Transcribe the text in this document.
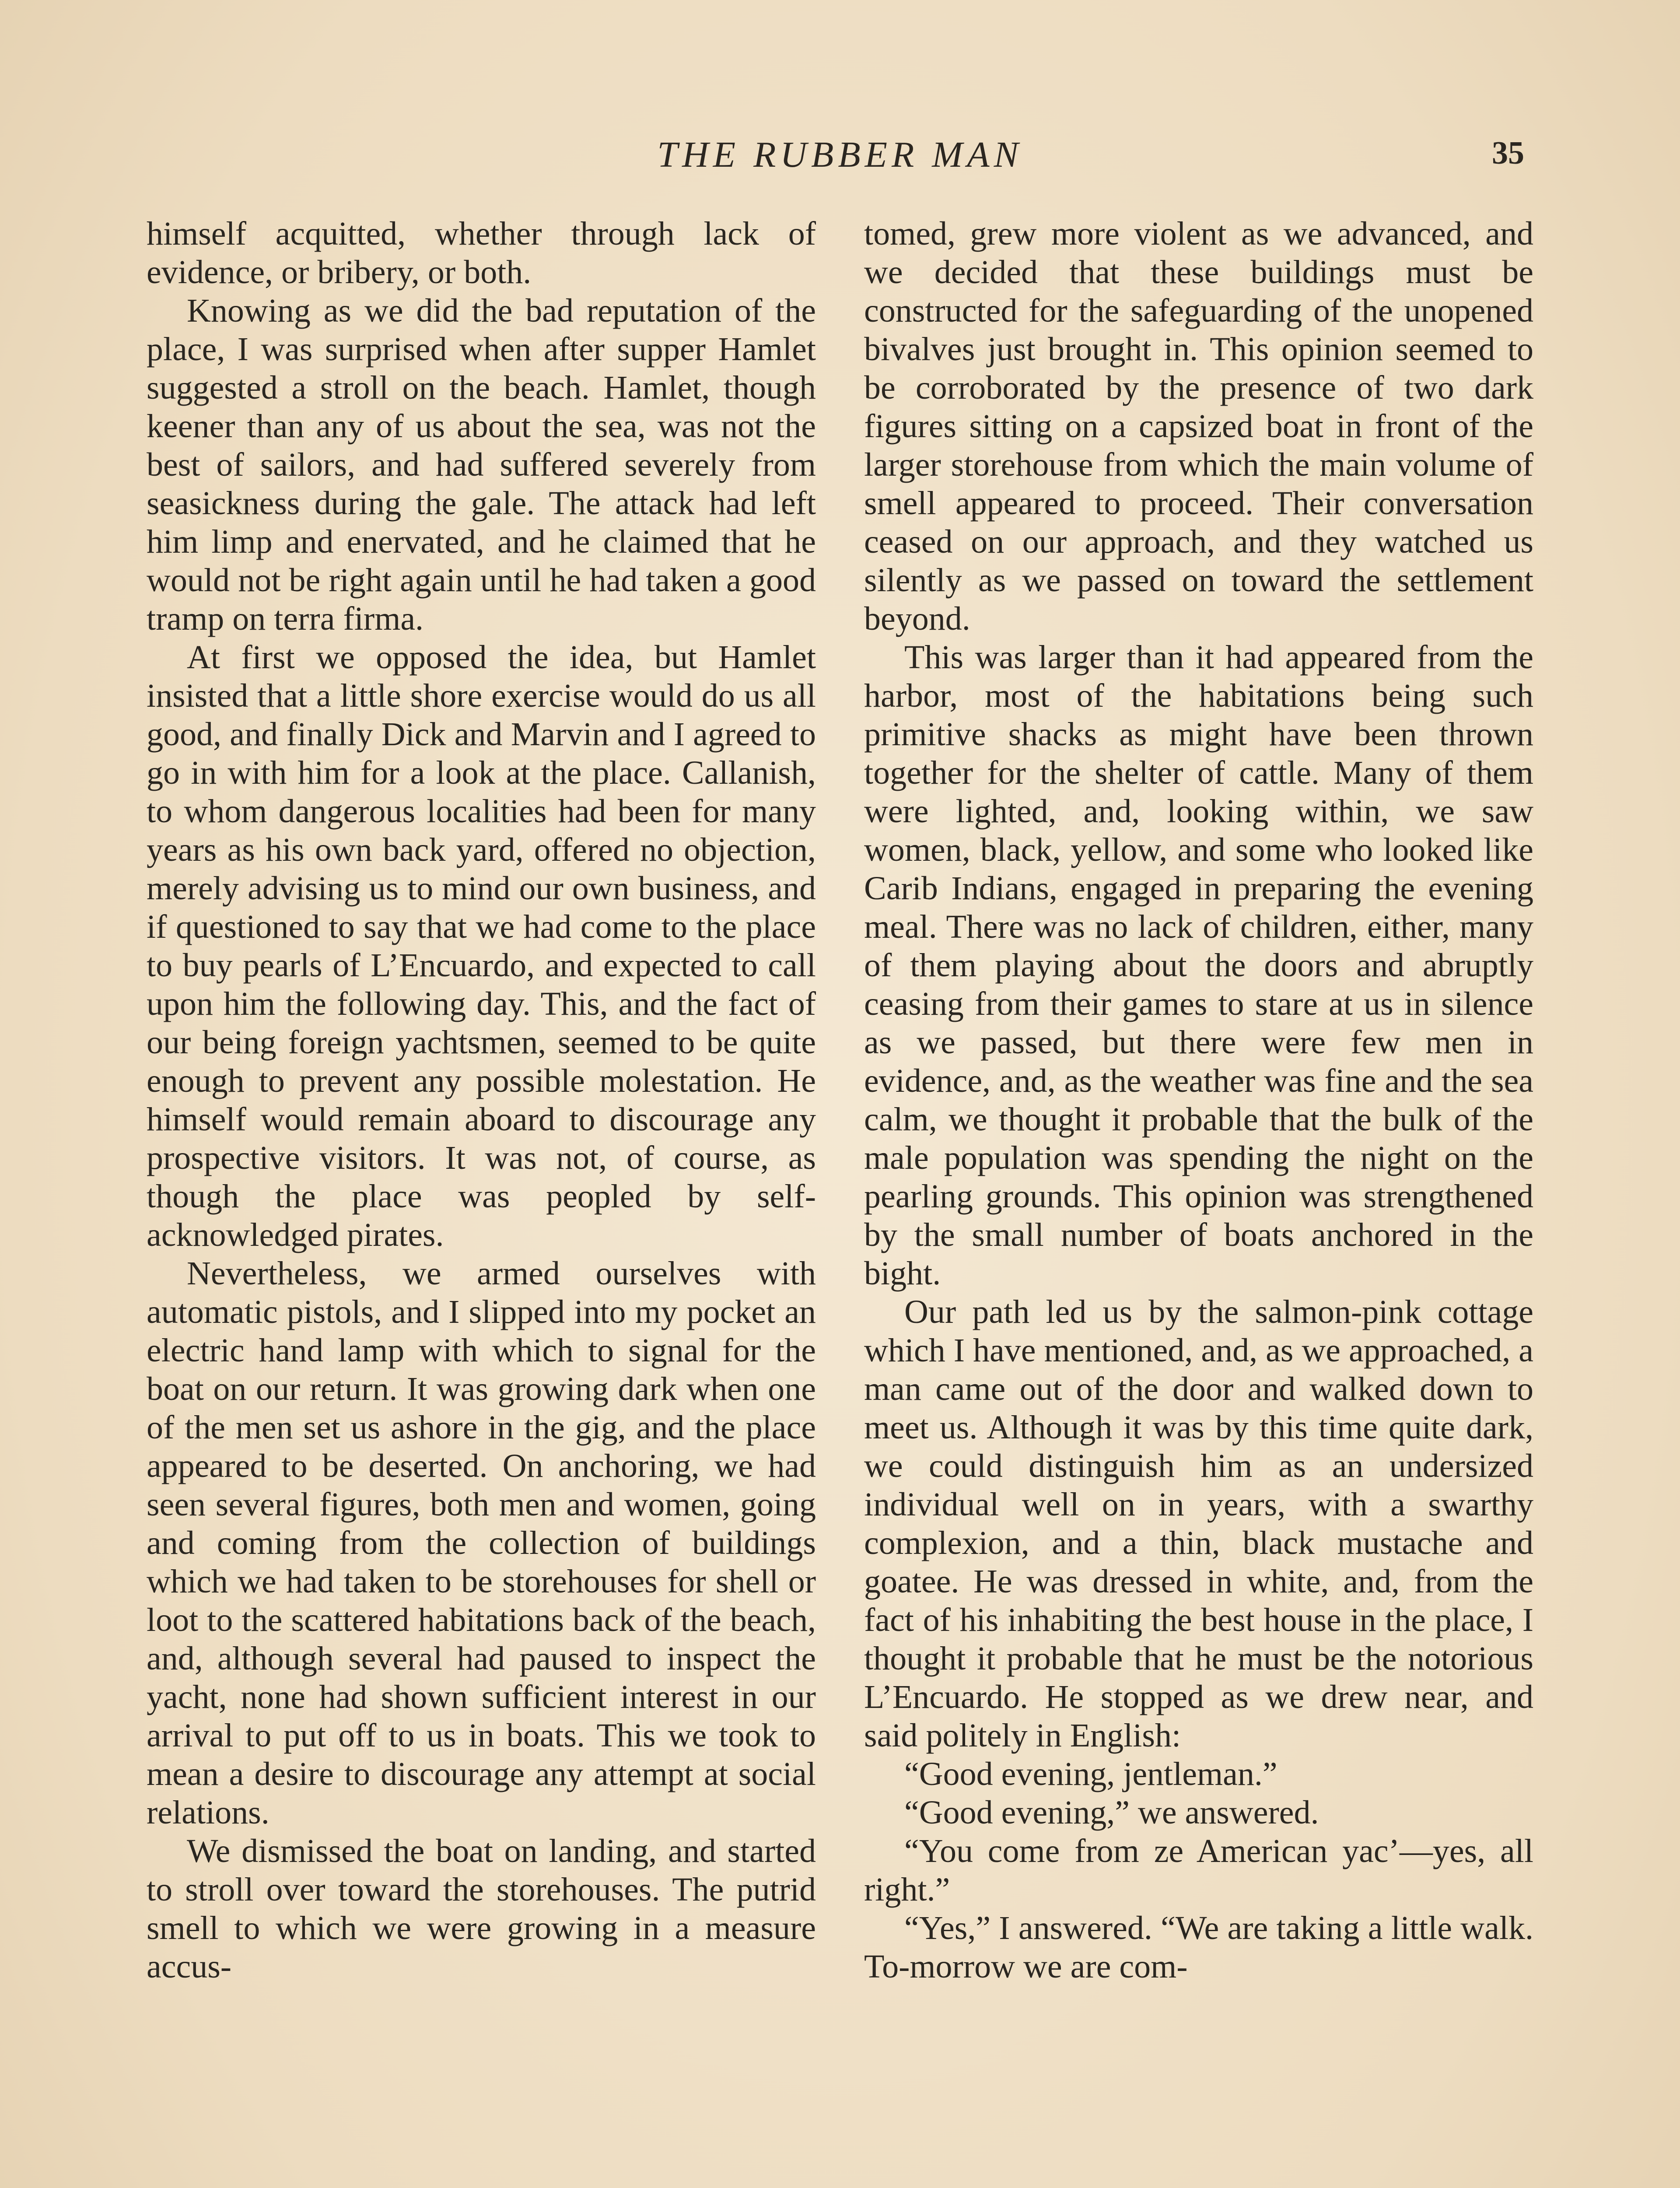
THE RUBBER MAN	35

himself acquitted, whether through lack of evidence, or bribery, or both.

Knowing as we did the bad reputation of the place, I was surprised when after supper Hamlet suggested a stroll on the beach. Hamlet, though keener than any of us about the sea, was not the best of sailors, and had suffered severely from seasickness during the gale. The attack had left him limp and enervated, and he claimed that he would not be right again until he had taken a good tramp on terra firma.

At first we opposed the idea, but Hamlet insisted that a little shore exercise would do us all good, and finally Dick and Marvin and I agreed to go in with him for a look at the place. Callanish, to whom dangerous localities had been for many years as his own back yard, offered no objection, merely advising us to mind our own business, and if questioned to say that we had come to the place to buy pearls of L’Encuardo, and expected to call upon him the following day. This, and the fact of our being foreign yachtsmen, seemed to be quite enough to prevent any possible molestation. He himself would remain aboard to discourage any prospective visitors. It was not, of course, as though the place was peopled by self-acknowledged pirates.

Nevertheless, we armed ourselves with automatic pistols, and I slipped into my pocket an electric hand lamp with which to signal for the boat on our return. It was growing dark when one of the men set us ashore in the gig, and the place appeared to be deserted. On anchoring, we had seen several figures, both men and women, going and coming from the collection of buildings which we had taken to be storehouses for shell or loot to the scattered habitations back of the beach, and, although several had paused to inspect the yacht, none had shown sufficient interest in our arrival to put off to us in boats. This we took to mean a desire to discourage any attempt at social relations.

We dismissed the boat on landing, and started to stroll over toward the storehouses. The putrid smell to which we were growing in a measure accus-

tomed, grew more violent as we advanced, and we decided that these buildings must be constructed for the safeguarding of the unopened bivalves just brought in. This opinion seemed to be corroborated by the presence of two dark figures sitting on a capsized boat in front of the larger storehouse from which the main volume of smell appeared to proceed. Their conversation ceased on our approach, and they watched us silently as we passed on toward the settlement beyond.

This was larger than it had appeared from the harbor, most of the habitations being such primitive shacks as might have been thrown together for the shelter of cattle. Many of them were lighted, and, looking within, we saw women, black, yellow, and some who looked like Carib Indians, engaged in preparing the evening meal. There was no lack of children, either, many of them playing about the doors and abruptly ceasing from their games to stare at us in silence as we passed, but there were few men in evidence, and, as the weather was fine and the sea calm, we thought it probable that the bulk of the male population was spending the night on the pearling grounds. This opinion was strengthened by the small number of boats anchored in the bight.

Our path led us by the salmon-pink cottage which I have mentioned, and, as we approached, a man came out of the door and walked down to meet us. Although it was by this time quite dark, we could distinguish him as an undersized individual well on in years, with a swarthy complexion, and a thin, black mustache and goatee. He was dressed in white, and, from the fact of his inhabiting the best house in the place, I thought it probable that he must be the notorious L’Encuardo. He stopped as we drew near, and said politely in English:

“Good evening, jentleman.”

“Good evening,” we answered.

“You come from ze American yac’—yes, all right.”

“Yes,” I answered. “We are taking a little walk. To-morrow we are com-
